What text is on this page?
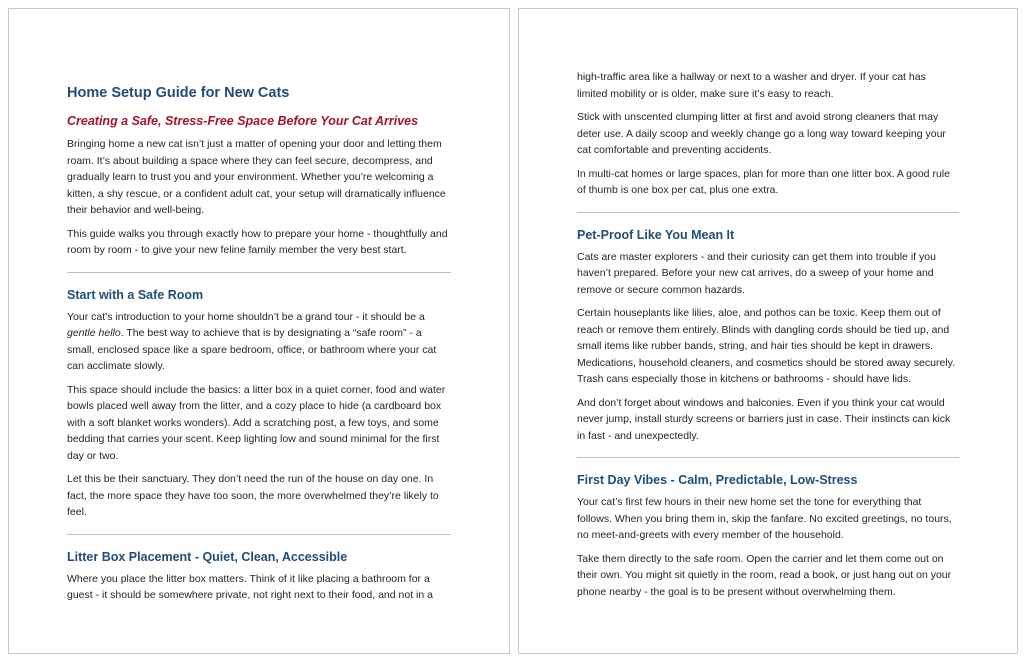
Home Setup Guide for New Cats
Creating a Safe, Stress-Free Space Before Your Cat Arrives

Bringing home a new cat isn’t just a matter of opening your door and letting them roam. It’s about building a space where they can feel secure, decompress, and gradually learn to trust you and your environment. Whether you’re welcoming a kitten, a shy rescue, or a confident adult cat, your setup will dramatically influence their behavior and well-being.

This guide walks you through exactly how to prepare your home - thoughtfully and room by room - to give your new feline family member the very best start.

Start with a Safe Room

Your cat’s introduction to your home shouldn’t be a grand tour - it should be a gentle hello. The best way to achieve that is by designating a “safe room” - a small, enclosed space like a spare bedroom, office, or bathroom where your cat can acclimate slowly.

This space should include the basics: a litter box in a quiet corner, food and water bowls placed well away from the litter, and a cozy place to hide (a cardboard box with a soft blanket works wonders). Add a scratching post, a few toys, and some bedding that carries your scent. Keep lighting low and sound minimal for the first day or two.

Let this be their sanctuary. They don’t need the run of the house on day one. In fact, the more space they have too soon, the more overwhelmed they’re likely to feel.

Litter Box Placement - Quiet, Clean, Accessible

Where you place the litter box matters. Think of it like placing a bathroom for a guest - it should be somewhere private, not right next to their food, and not in a

high-traffic area like a hallway or next to a washer and dryer. If your cat has limited mobility or is older, make sure it’s easy to reach.

Stick with unscented clumping litter at first and avoid strong cleaners that may deter use. A daily scoop and weekly change go a long way toward keeping your cat comfortable and preventing accidents.

In multi-cat homes or large spaces, plan for more than one litter box. A good rule of thumb is one box per cat, plus one extra.

Pet-Proof Like You Mean It

Cats are master explorers - and their curiosity can get them into trouble if you haven’t prepared. Before your new cat arrives, do a sweep of your home and remove or secure common hazards.

Certain houseplants like lilies, aloe, and pothos can be toxic. Keep them out of reach or remove them entirely. Blinds with dangling cords should be tied up, and small items like rubber bands, string, and hair ties should be kept in drawers. Medications, household cleaners, and cosmetics should be stored away securely. Trash cans especially those in kitchens or bathrooms - should have lids.

And don’t forget about windows and balconies. Even if you think your cat would never jump, install sturdy screens or barriers just in case. Their instincts can kick in fast - and unexpectedly.

First Day Vibes - Calm, Predictable, Low-Stress

Your cat’s first few hours in their new home set the tone for everything that follows. When you bring them in, skip the fanfare. No excited greetings, no tours, no meet-and-greets with every member of the household.

Take them directly to the safe room. Open the carrier and let them come out on their own. You might sit quietly in the room, read a book, or just hang out on your phone nearby - the goal is to be present without overwhelming them.
